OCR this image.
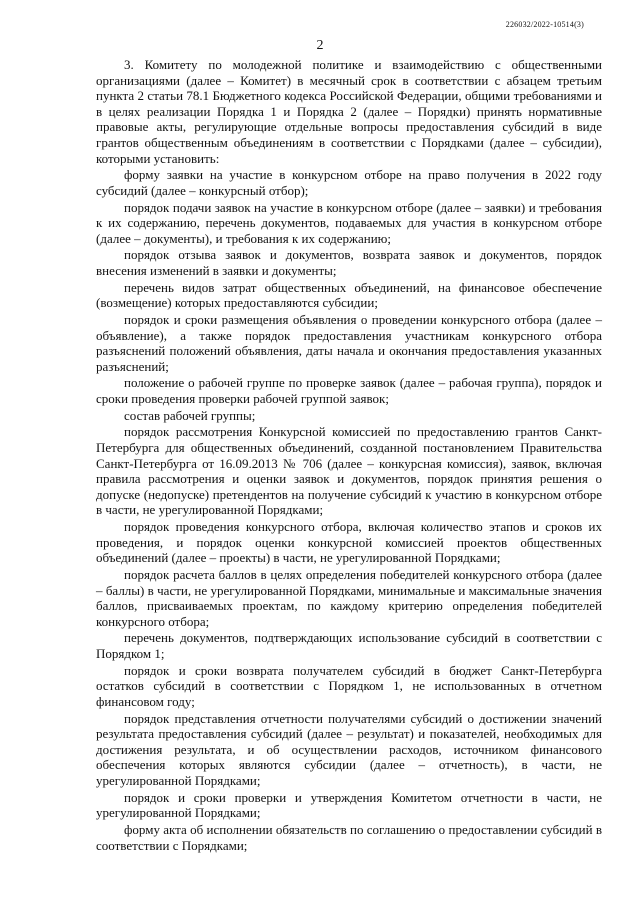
226032/2022-10514(3)
2

3. Комитету по молодежной политике и взаимодействию с общественными организациями (далее – Комитет) в месячный срок в соответствии с абзацем третьим пункта 2 статьи 78.1 Бюджетного кодекса Российской Федерации, общими требованиями и в целях реализации Порядка 1 и Порядка 2 (далее – Порядки) принять нормативные правовые акты, регулирующие отдельные вопросы предоставления субсидий в виде грантов общественным объединениям в соответствии с Порядками (далее – субсидии), которыми установить:

форму заявки на участие в конкурсном отборе на право получения в 2022 году субсидий (далее – конкурсный отбор);

порядок подачи заявок на участие в конкурсном отборе (далее – заявки) и требования к их содержанию, перечень документов, подаваемых для участия в конкурсном отборе (далее – документы), и требования к их содержанию;

порядок отзыва заявок и документов, возврата заявок и документов, порядок внесения изменений в заявки и документы;

перечень видов затрат общественных объединений, на финансовое обеспечение (возмещение) которых предоставляются субсидии;

порядок и сроки размещения объявления о проведении конкурсного отбора (далее – объявление), а также порядок предоставления участникам конкурсного отбора разъяснений положений объявления, даты начала и окончания предоставления указанных разъяснений;

положение о рабочей группе по проверке заявок (далее – рабочая группа), порядок и сроки проведения проверки рабочей группой заявок;

состав рабочей группы;

порядок рассмотрения Конкурсной комиссией по предоставлению грантов Санкт-Петербурга для общественных объединений, созданной постановлением Правительства Санкт-Петербурга от 16.09.2013 № 706 (далее – конкурсная комиссия), заявок, включая правила рассмотрения и оценки заявок и документов, порядок принятия решения о допуске (недопуске) претендентов на получение субсидий к участию в конкурсном отборе в части, не урегулированной Порядками;

порядок проведения конкурсного отбора, включая количество этапов и сроков их проведения, и порядок оценки конкурсной комиссией проектов общественных объединений (далее – проекты) в части, не урегулированной Порядками;

порядок расчета баллов в целях определения победителей конкурсного отбора (далее – баллы) в части, не урегулированной Порядками, минимальные и максимальные значения баллов, присваиваемых проектам, по каждому критерию определения победителей конкурсного отбора;

перечень документов, подтверждающих использование субсидий в соответствии с Порядком 1;

порядок и сроки возврата получателем субсидий в бюджет Санкт-Петербурга остатков субсидий в соответствии с Порядком 1, не использованных в отчетном финансовом году;

порядок представления отчетности получателями субсидий о достижении значений результата предоставления субсидий (далее – результат) и показателей, необходимых для достижения результата, и об осуществлении расходов, источником финансового обеспечения которых являются субсидии (далее – отчетность), в части, не урегулированной Порядками;

порядок и сроки проверки и утверждения Комитетом отчетности в части, не урегулированной Порядками;

форму акта об исполнении обязательств по соглашению о предоставлении субсидий в соответствии с Порядками;
